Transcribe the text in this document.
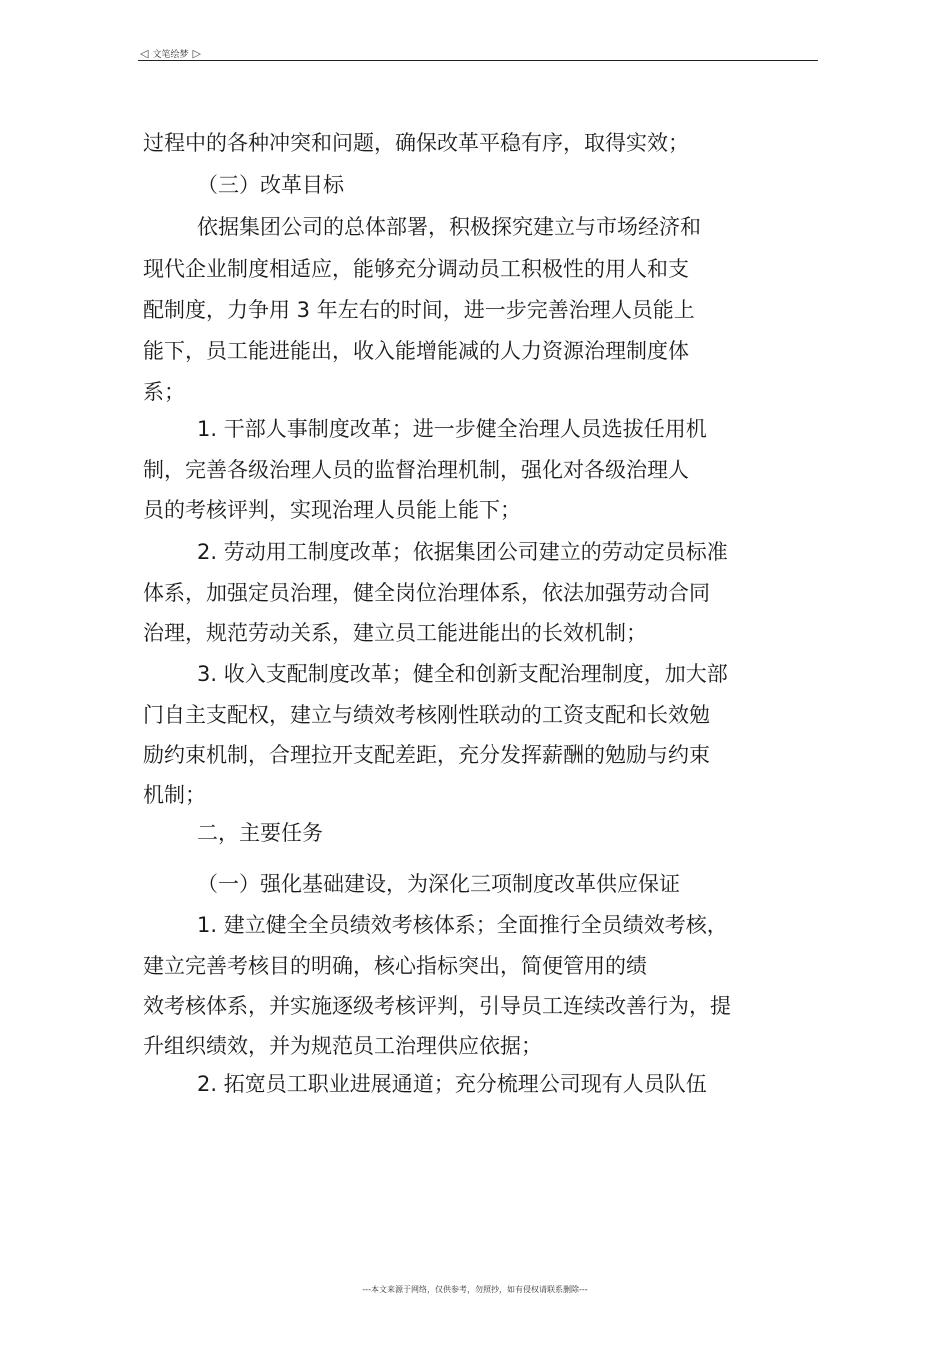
◁ 文笔绘梦 ▷
过程中的各种冲突和问题，确保改革平稳有序，取得实效；
（三）改革目标
依据集团公司的总体部署，积极探究建立与市场经济和
现代企业制度相适应，能够充分调动员工积极性的用人和支
配制度，力争用 3 年左右的时间，进一步完善治理人员能上
能下，员工能进能出，收入能增能减的人力资源治理制度体
系；
1. 干部人事制度改革；进一步健全治理人员选拔任用机
制，完善各级治理人员的监督治理机制，强化对各级治理人
员的考核评判，实现治理人员能上能下；
2. 劳动用工制度改革；依据集团公司建立的劳动定员标准
体系，加强定员治理，健全岗位治理体系，依法加强劳动合同
治理，规范劳动关系，建立员工能进能出的长效机制；
3. 收入支配制度改革；健全和创新支配治理制度，加大部
门自主支配权，建立与绩效考核刚性联动的工资支配和长效勉
励约束机制，合理拉开支配差距，充分发挥薪酬的勉励与约束
机制；
二，主要任务
（一）强化基础建设，为深化三项制度改革供应保证
1. 建立健全全员绩效考核体系；全面推行全员绩效考核，
建立完善考核目的明确，核心指标突出，简便管用的绩
效考核体系，并实施逐级考核评判，引导员工连续改善行为，提
升组织绩效，并为规范员工治理供应依据；
2. 拓宽员工职业进展通道；充分梳理公司现有人员队伍
---本文来源于网络，仅供参考，勿照抄，如有侵权请联系删除---
